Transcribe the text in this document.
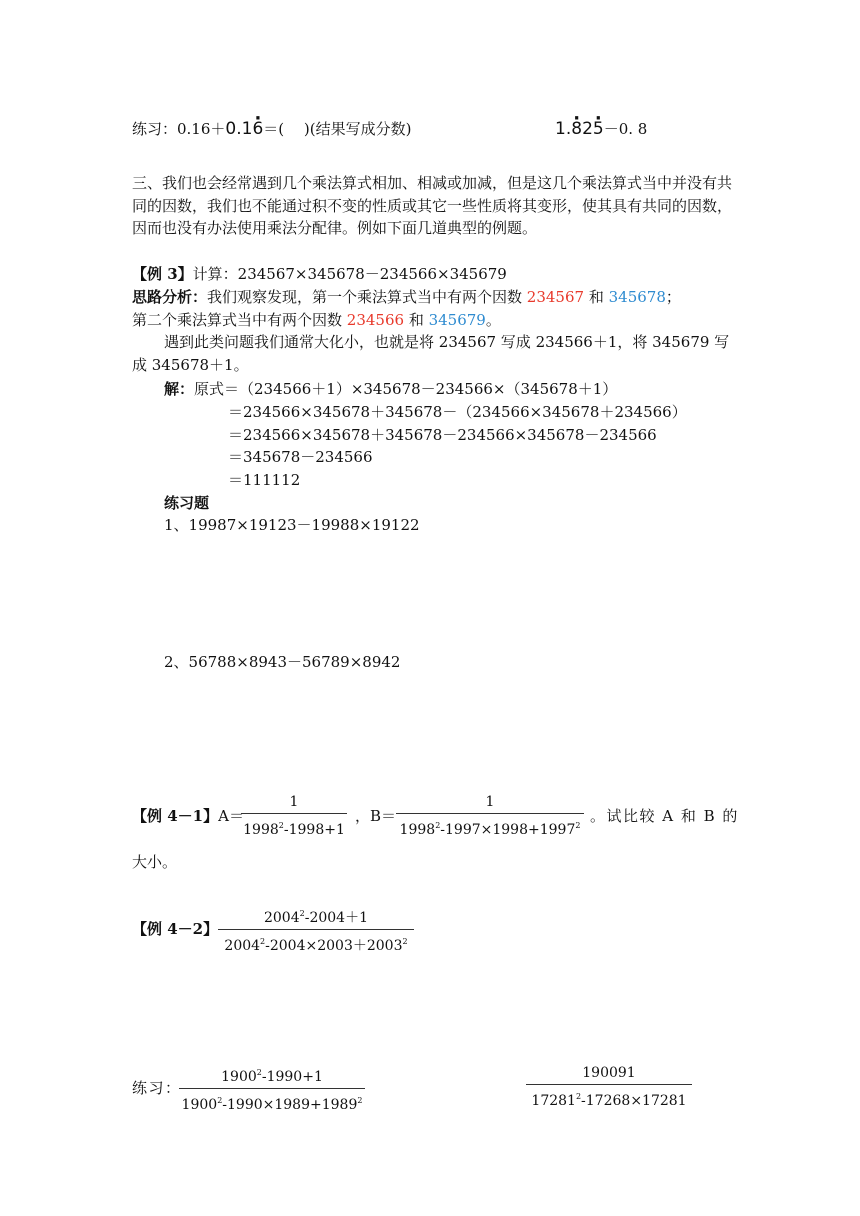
练习：0.16＋0.1· 6＝(　 )(结果写成分数)	1.· 82· 5－0. 8
三、我们也会经常遇到几个乘法算式相加、相减或加减，但是这几个乘法算式当中并没有共同的因数，我们也不能通过积不变的性质或其它一些性质将其变形，使其具有共同的因数，因而也没有办法使用乘法分配律。例如下面几道典型的例题。
【例 3】计算：234567×345678－234566×345679
思路分析：我们观察发现，第一个乘法算式当中有两个因数 234567 和 345678；
第二个乘法算式当中有两个因数 234566 和 345679。
遇到此类问题我们通常大化小，也就是将 234567 写成 234566＋1，将 345679 写成 345678＋1。
解：原式＝（234566＋1）×345678－234566×（345678＋1）
＝234566×345678＋345678－（234566×345678＋234566）
＝234566×345678＋345678－234566×345678－234566
＝345678－234566
＝111112
练习题
1、19987×19123－19988×19122
2、56788×8943－56789×8942
【例 4－1】A＝
$\frac{1}{1998^2-1998+1}$ ，$B= \frac{1}{1998^2-1997\times 1998+1997^2}$ 。试比较 A 和 B 的
大小。
【例 4－2】 $\frac{2004^2-2004+1}{2004^2-2004\times 2003+2003^2}$
练习：
$\frac{1900^2-1990+1}{1900^2-1990\times 1989+1989^2}$	$\frac{190091}{17281^2-17268\times 17281}$
